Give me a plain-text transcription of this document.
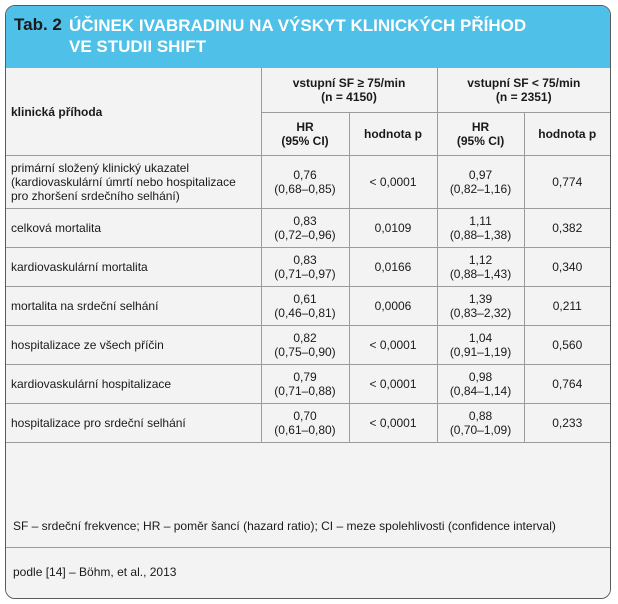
Tab. 2 ÚČINEK IVABRADINU NA VÝSKYT KLINICKÝCH PŘÍHOD
VE STUDII SHIFT
klinická příhoda	vstupní SF ≥ 75/min
(n = 4150)		vstupní SF < 75/min
(n = 2351)	

	HR
(95% CI)	hodnota p	HR
(95% CI)	hodnota p

primární složený klinický ukazatel
(kardiovaskulární úmrtí nebo hospitalizace
pro zhoršení srdečního selhání)	0,76
(0,68–0,85)	< 0,0001	0,97
(0,82–1,16)	0,774

celková mortalita	0,83
(0,72–0,96)	0,0109	1,11
(0,88–1,38)	0,382

kardiovaskulární mortalita	0,83
(0,71–0,97)	0,0166	1,12
(0,88–1,43)	0,340

mortalita na srdeční selhání	0,61
(0,46–0,81)	0,0006	1,39
(0,83–2,32)	0,211

hospitalizace ze všech příčin	0,82
(0,75–0,90)	< 0,0001	1,04
(0,91–1,19)	0,560

kardiovaskulární hospitalizace	0,79
(0,71–0,88)	< 0,0001	0,98
(0,84–1,14)	0,764

hospitalizace pro srdeční selhání	0,70
(0,61–0,80)	< 0,0001	0,88
(0,70–1,09)	0,233
SF – srdeční frekvence; HR – poměr šancí (hazard ratio); CI – meze spolehlivosti (confidence interval)
podle [14] – Böhm, et al., 2013
